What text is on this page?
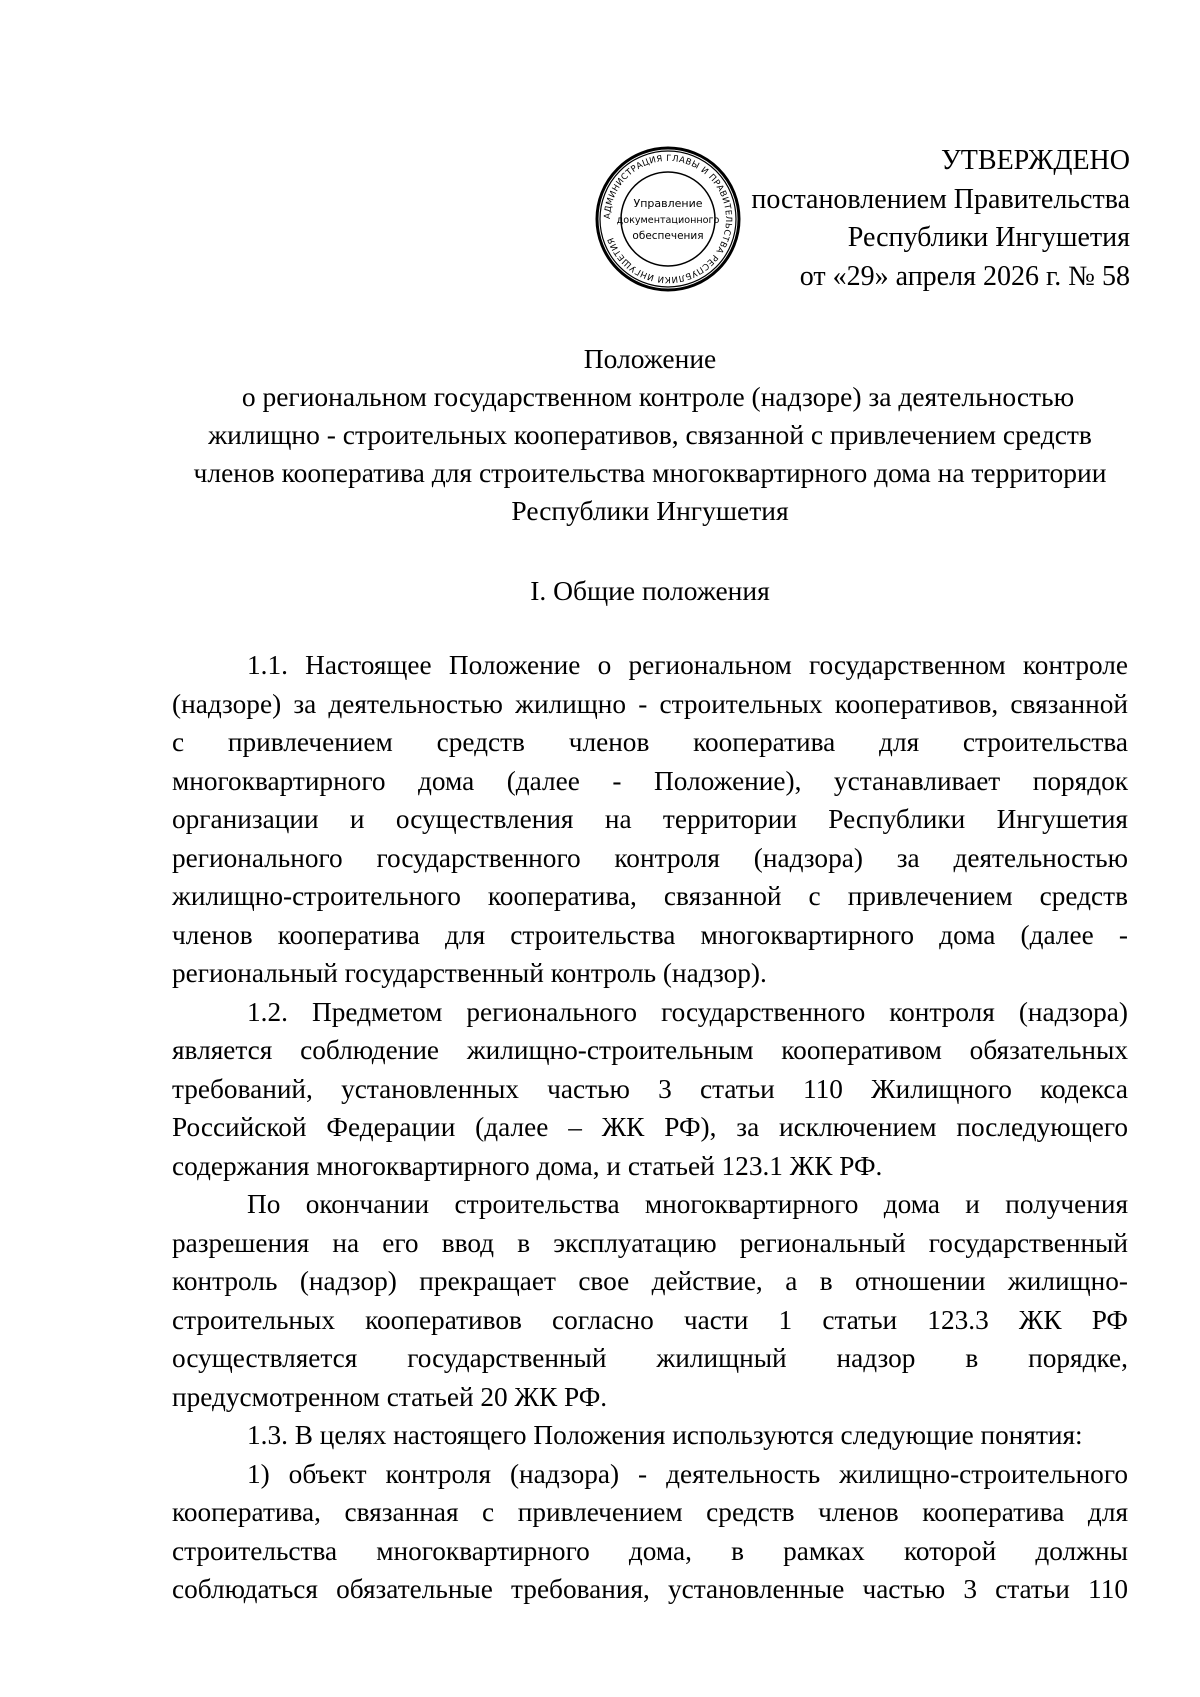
АДМИНИСТРАЦИЯ ГЛАВЫ И ПРАВИТЕЛЬСТВА РЕСПУБЛИКИ ИНГУШЕТИЯ
Управление
документационного
обеспечения
УТВЕРЖДЕНО
постановлением Правительства
Республики Ингушетия
от «29» апреля 2026 г. № 58
Положение
о региональном государственном контроле (надзоре) за деятельностью
жилищно - строительных кооперативов, связанной с привлечением средств
членов кооператива для строительства многоквартирного дома на территории
Республики Ингушетия
I. Общие положения
1.1. Настоящее Положение о региональном государственном контроле
(надзоре) за деятельностью жилищно - строительных кооперативов, связанной
с привлечением средств членов кооператива для строительства
многоквартирного дома (далее - Положение), устанавливает порядок
организации и осуществления на территории Республики Ингушетия
регионального государственного контроля (надзора) за деятельностью
жилищно-строительного кооператива, связанной с привлечением средств
членов кооператива для строительства многоквартирного дома (далее -
региональный государственный контроль (надзор).
1.2. Предметом регионального государственного контроля (надзора)
является соблюдение жилищно-строительным кооперативом обязательных
требований, установленных частью 3 статьи 110 Жилищного кодекса
Российской Федерации (далее – ЖК РФ), за исключением последующего
содержания многоквартирного дома, и статьей 123.1 ЖК РФ.
По окончании строительства многоквартирного дома и получения
разрешения на его ввод в эксплуатацию региональный государственный
контроль (надзор) прекращает свое действие, а в отношении жилищно-
строительных кооперативов согласно части 1 статьи 123.3 ЖК РФ
осуществляется государственный жилищный надзор в порядке,
предусмотренном статьей 20 ЖК РФ.
1.3. В целях настоящего Положения используются следующие понятия:
1) объект контроля (надзора) - деятельность жилищно-строительного
кооператива, связанная с привлечением средств членов кооператива для
строительства многоквартирного дома, в рамках которой должны
соблюдаться обязательные требования, установленные частью 3 статьи 110
